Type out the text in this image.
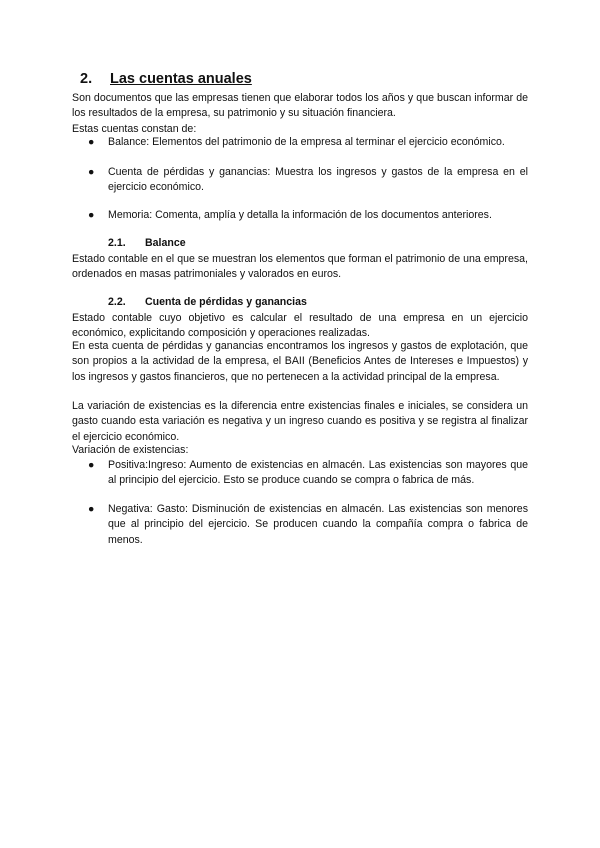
2. Las cuentas anuales
Son documentos que las empresas tienen que elaborar todos los años y que buscan informar de los resultados de la empresa, su patrimonio y su situación financiera.
Estas cuentas constan de:
● Balance: Elementos del patrimonio de la empresa al terminar el ejercicio económico.
● Cuenta de pérdidas y ganancias: Muestra los ingresos y gastos de la empresa en el ejercicio económico.
● Memoria: Comenta, amplía y detalla la información de los documentos anteriores.
2.1. Balance
Estado contable en el que se muestran los elementos que forman el patrimonio de una empresa, ordenados en masas patrimoniales y valorados en euros.
2.2. Cuenta de pérdidas y ganancias
Estado contable cuyo objetivo es calcular el resultado de una empresa en un ejercicio económico, explicitando composición y operaciones realizadas.
En esta cuenta de pérdidas y ganancias encontramos los ingresos y gastos de explotación, que son propios a la actividad de la empresa, el BAII (Beneficios Antes de Intereses e Impuestos) y los ingresos y gastos financieros, que no pertenecen a la actividad principal de la empresa.
La variación de existencias es la diferencia entre existencias finales e iniciales, se considera un gasto cuando esta variación es negativa y un ingreso cuando es positiva y se registra al finalizar el ejercicio económico.
Variación de existencias:
● Positiva:Ingreso: Aumento de existencias en almacén. Las existencias son mayores que al principio del ejercicio. Esto se produce cuando se compra o fabrica de más.
● Negativa: Gasto: Disminución de existencias en almacén. Las existencias son menores que al principio del ejercicio. Se producen cuando la compañía compra o fabrica de menos.
